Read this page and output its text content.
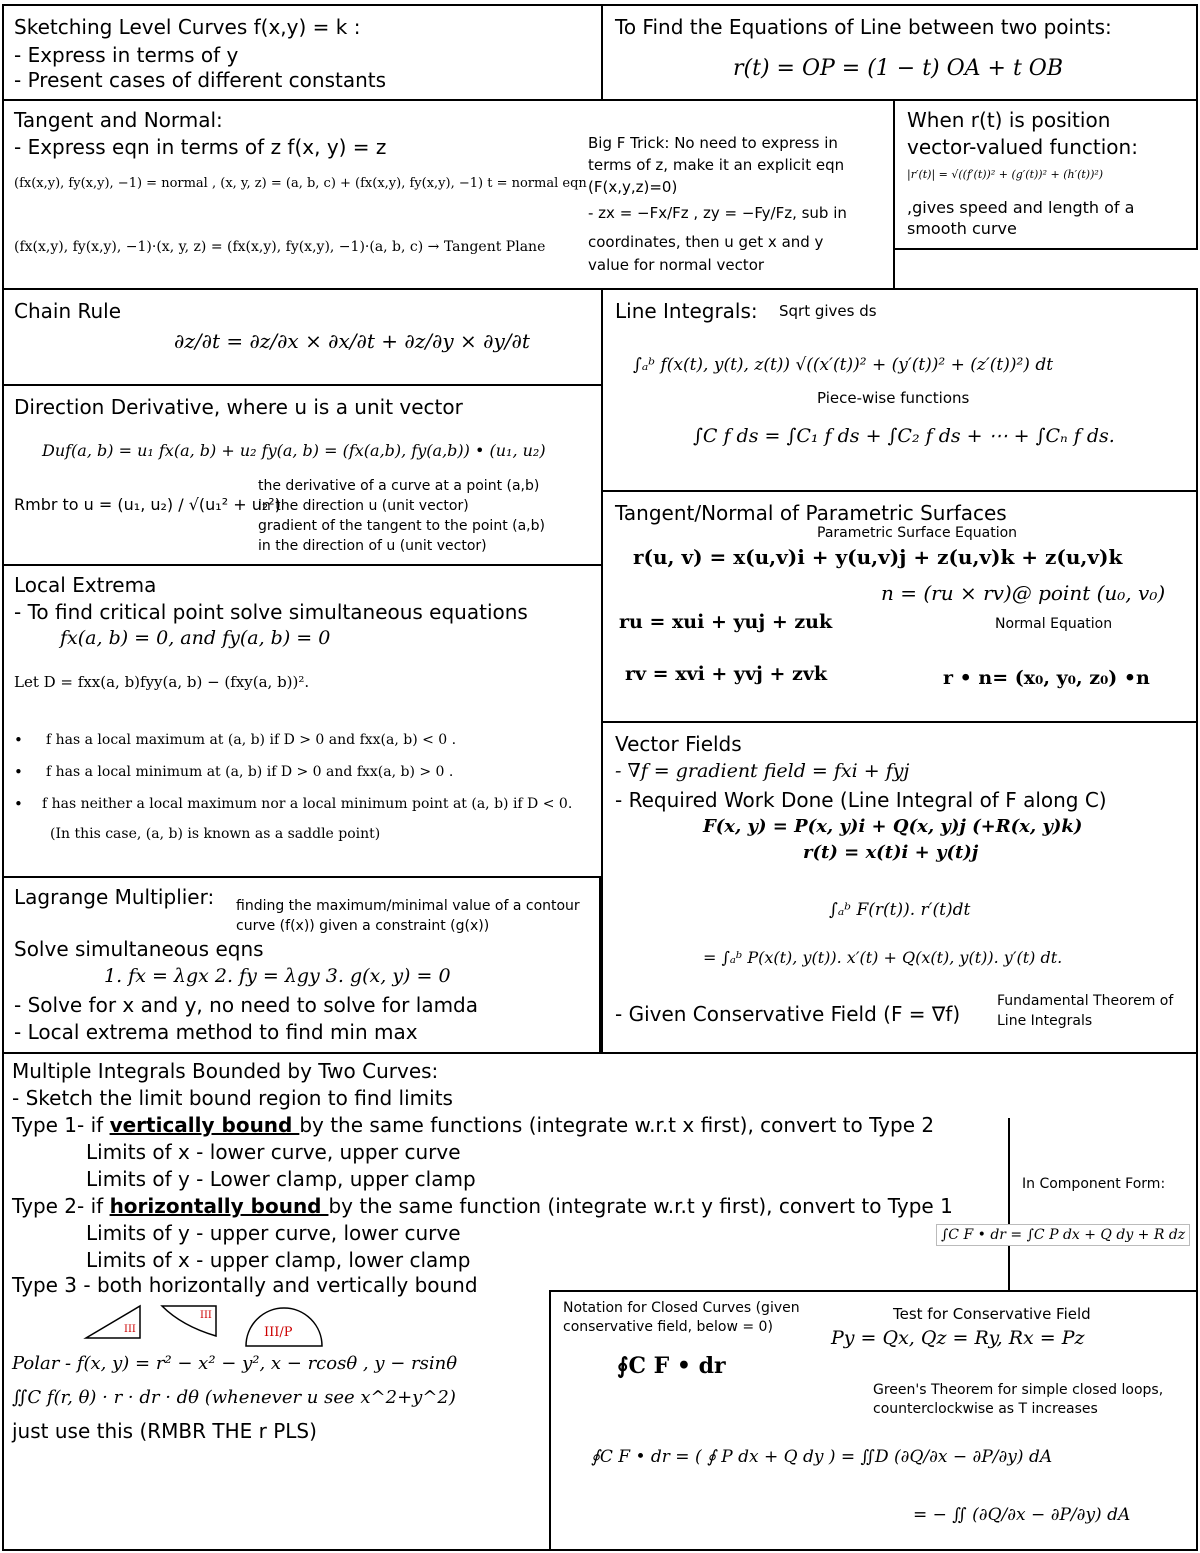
Sketching Level Curves f(x,y) = k :
- Express in terms of y
- Present cases of different constants
To Find the Equations of Line between two points:
r(t) = OP = (1 − t) OA + t OB
Tangent and Normal:
- Express eqn in terms of z f(x, y) = z
(fx(x,y), fy(x,y), −1) = normal , (x, y, z) = (a, b, c) + (fx(x,y), fy(x,y), −1) t = normal eqn
(fx(x,y), fy(x,y), −1)·(x, y, z) = (fx(x,y), fy(x,y), −1)·(a, b, c) → Tangent Plane
Big F Trick: No need to express in
terms of z, make it an explicit eqn
(F(x,y,z)=0)
- zx = −Fx/Fz , zy = −Fy/Fz, sub in
coordinates, then u get x and y
value for normal vector
When r(t) is position
vector-valued function:
|r′(t)| = √((f′(t))² + (g′(t))² + (h′(t))²)
,gives speed and length of a
smooth curve
Chain Rule
∂z/∂t = ∂z/∂x × ∂x/∂t + ∂z/∂y × ∂y/∂t
Line Integrals: Sqrt gives ds
∫ₐᵇ f(x(t), y(t), z(t)) √((x′(t))² + (y′(t))² + (z′(t))²) dt
Piece-wise functions
∫C f ds = ∫C₁ f ds + ∫C₂ f ds + ⋯ + ∫Cₙ f ds.
Direction Derivative, where u is a unit vector
Duf(a, b) = u₁ fx(a, b) + u₂ fy(a, b) = (fx(a,b), fy(a,b)) • (u₁, u₂)
Rmbr to u = (u₁, u₂) / √(u₁² + u₂²)
the derivative of a curve at a point (a,b)
in the direction u (unit vector)
gradient of the tangent to the point (a,b)
in the direction of u (unit vector)
Tangent/Normal of Parametric Surfaces
Parametric Surface Equation
r(u, v) = x(u,v)i + y(u,v)j + z(u,v)k + z(u,v)k
n = (ru × rv)@ point (u₀, v₀)
ru = xui + yuj + zuk	Normal Equation
rv = xvi + yvj + zvk	r • n= (x₀, y₀, z₀) •n
Local Extrema
- To find critical point solve simultaneous equations
fx(a, b) = 0, and fy(a, b) = 0
Let D = fxx(a, b)fyy(a, b) − (fxy(a, b))².
• f has a local maximum at (a, b) if D > 0 and fxx(a, b) < 0 .
• f has a local minimum at (a, b) if D > 0 and fxx(a, b) > 0 .
• f has neither a local maximum nor a local minimum point at (a, b) if D < 0.
(In this case, (a, b) is known as a saddle point)
Vector Fields
- ∇f = gradient field = fxi + fyj
- Required Work Done (Line Integral of F along C)
F(x, y) = P(x, y)i + Q(x, y)j (+R(x, y)k)
r(t) = x(t)i + y(t)j
∫ₐᵇ F(r(t)). r′(t)dt
= ∫ₐᵇ P(x(t), y(t)). x′(t) + Q(x(t), y(t)). y′(t) dt.
- Given Conservative Field (F = ∇f)
Fundamental Theorem of
Line Integrals
Lagrange Multiplier: finding the maximum/minimal value of a contour
curve (f(x)) given a constraint (g(x))
Solve simultaneous eqns
1. fx = λgx 2. fy = λgy 3. g(x, y) = 0
- Solve for x and y, no need to solve for lamda
- Local extrema method to find min max
Multiple Integrals Bounded by Two Curves:
- Sketch the limit bound region to find limits
Type 1- if vertically bound by the same functions (integrate w.r.t x first), convert to Type 2
Limits of x - lower curve, upper curve
Limits of y - Lower clamp, upper clamp
Type 2- if horizontally bound by the same function (integrate w.r.t y first), convert to Type 1
Limits of y - upper curve, lower curve
Limits of x - upper clamp, lower clamp
Type 3 - both horizontally and vertically bound
III
III
III/P
Polar - f(x, y) = r² − x² − y², x − rcosθ , y − rsinθ
∬C f(r, θ) · r · dr · dθ (whenever u see x^2+y^2)
just use this (RMBR THE r PLS)
In Component Form:
∫C F • dr = ∫C P dx + Q dy + R dz
Notation for Closed Curves (given
conservative field, below = 0)
∮C F • dr
Test for Conservative Field
Py = Qx, Qz = Ry, Rx = Pz
Green's Theorem for simple closed loops,
counterclockwise as T increases
∮C F • dr = ( ∮ P dx + Q dy ) = ∬D (∂Q/∂x − ∂P/∂y) dA
= − ∬ (∂Q/∂x − ∂P/∂y) dA
